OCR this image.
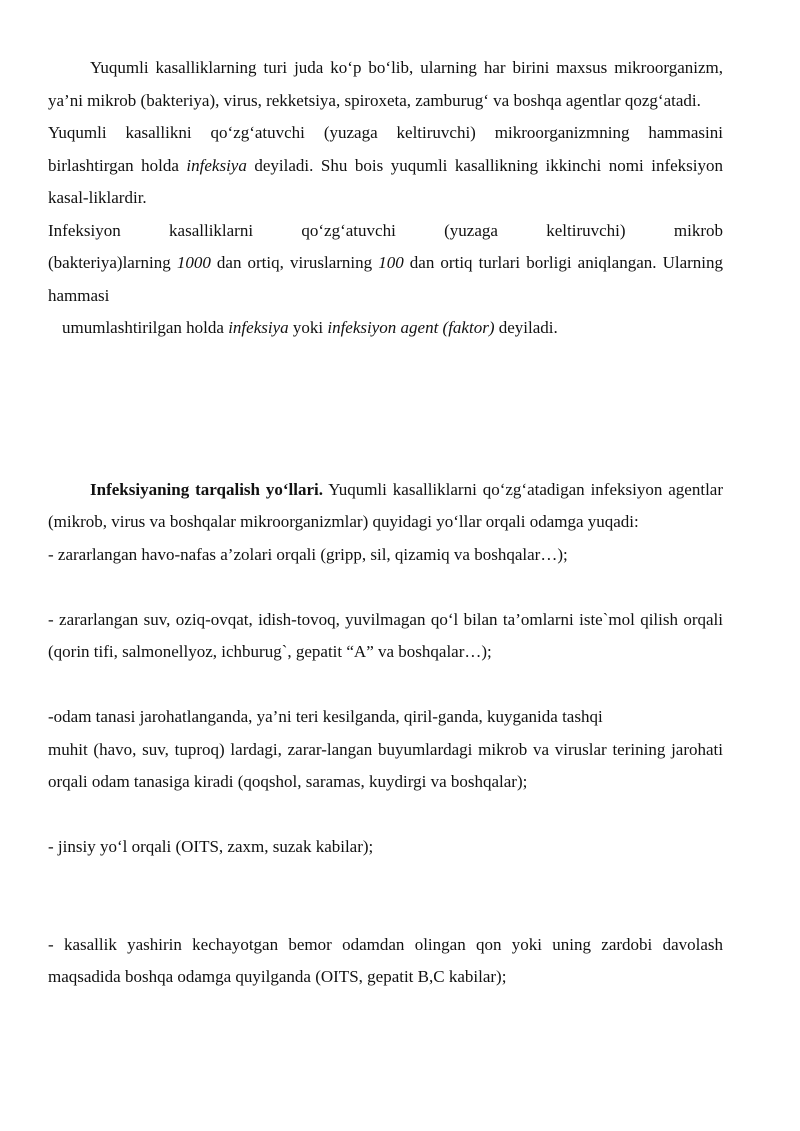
Yuqumli kasalliklarning turi juda ko‘p bo‘lib, ularning har birini maxsus mikroorganizm, ya’ni mikrob (bakteriya), virus, rekketsiya, spiroxeta, zamburug‘ va boshqa agentlar qozg‘atadi.

Yuqumli kasallikni qo‘zg‘atuvchi (yuzaga keltiruvchi) mikroorganizmning hammasini birlashtirgan holda infeksiya deyiladi. Shu bois yuqumli kasallikning ikkinchi nomi infeksiyon kasal-liklardir.

Infeksiyon kasalliklarni qo‘zg‘atuvchi (yuzaga keltiruvchi) mikrob

(bakteriya)larning 1000 dan ortiq, viruslarning 100 dan ortiq turlari borligi aniqlangan. Ularning hammasi

umumlashtirilgan holda infeksiya yoki infeksiyon agent (faktor) deyiladi.

Infeksiyaning tarqalish yo‘llari. Yuqumli kasalliklarni qo‘zg‘atadigan infeksiyon agentlar (mikrob, virus va boshqalar mikroorganizmlar) quyidagi yo‘llar orqali odamga yuqadi:

- zararlangan havo-nafas a’zolari orqali (gripp, sil, qizamiq va boshqalar…);

- zararlangan suv, oziq-ovqat, idish-tovoq, yuvilmagan qo‘l bilan ta’omlarni iste`mol qilish orqali (qorin tifi, salmonellyoz, ichburug`, gepatit “A” va boshqalar…);

-odam tanasi jarohatlanganda, ya’ni teri kesilganda, qiril-ganda, kuyganida tashqi

muhit (havo, suv, tuproq) lardagi, zarar-langan buyumlardagi mikrob va viruslar terining jarohati orqali odam tanasiga kiradi (qoqshol, saramas, kuydirgi va boshqalar);

- jinsiy yo‘l orqali (OITS, zaxm, suzak kabilar);

- kasallik yashirin kechayotgan bemor odamdan olingan qon yoki uning zardobi davolash maqsadida boshqa odamga quyilganda (OITS, gepatit B,C kabilar);
